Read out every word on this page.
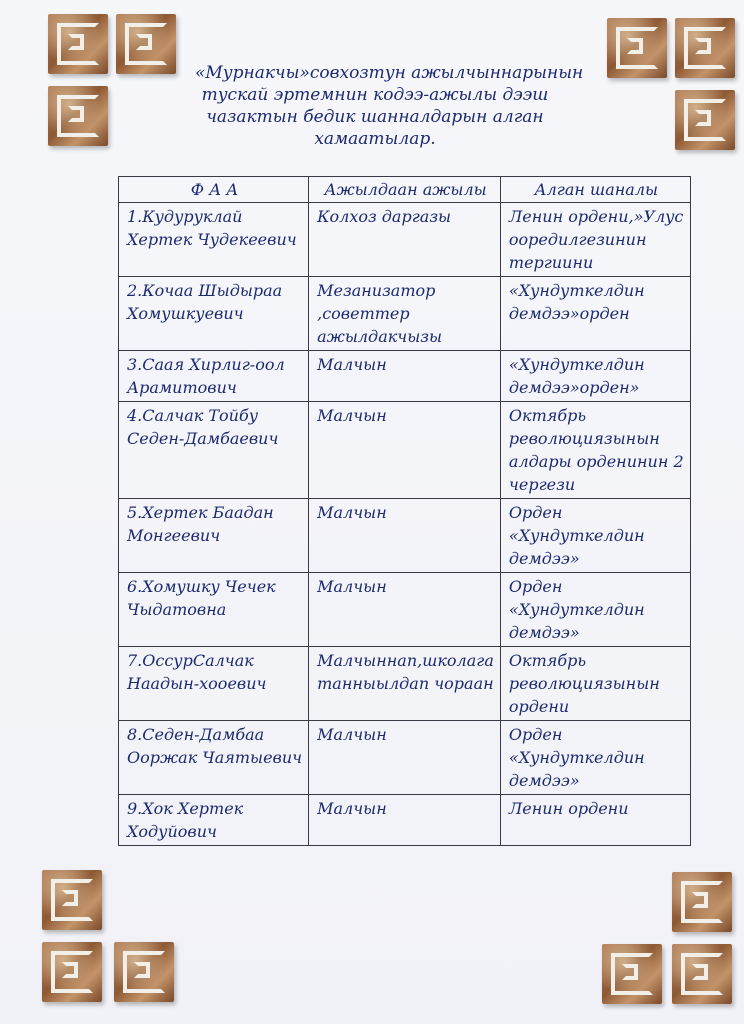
«Мурнакчы»совхозтун ажылчыннарынын
тускай эртемнин кодээ-ажылы дээш
чазактын бедик шанналдарын алган
хамаатылар.
Ф А А	Ажылдаан ажылы	Алган шаналы

1.Кудуруклай
Хертек Чудекеевич	Колхоз даргазы	Ленин ордени,»Улус
ооредилгезинин
тергиини

2.Кочаа Шыдыраа
Хомушкуевич	Мезанизатор
,советтер
ажылдакчызы	«Хундуткелдин
демдээ»орден

3.Саая Хирлиг-оол
Арамитович	Малчын	«Хундуткелдин
демдээ»орден»

4.Салчак Тойбу
Седен-Дамбаевич	Малчын	Октябрь
революциязынын
алдары орденинин 2
чергези

5.Хертек Баадан
Монгеевич	Малчын	Орден
«Хундуткелдин
демдээ»

6.Хомушку Чечек
Чыдатовна	Малчын	Орден
«Хундуткелдин
демдээ»

7.ОссурСалчак
Наадын-хооевич	Малчыннап,школага
танныылдап чораан	Октябрь
революциязынын
ордени

8.Седен-Дамбаа
Ооржак Чаятыевич	Малчын	Орден
«Хундуткелдин
демдээ»

9.Хок Хертек
Ходуйович	Малчын	Ленин ордени
